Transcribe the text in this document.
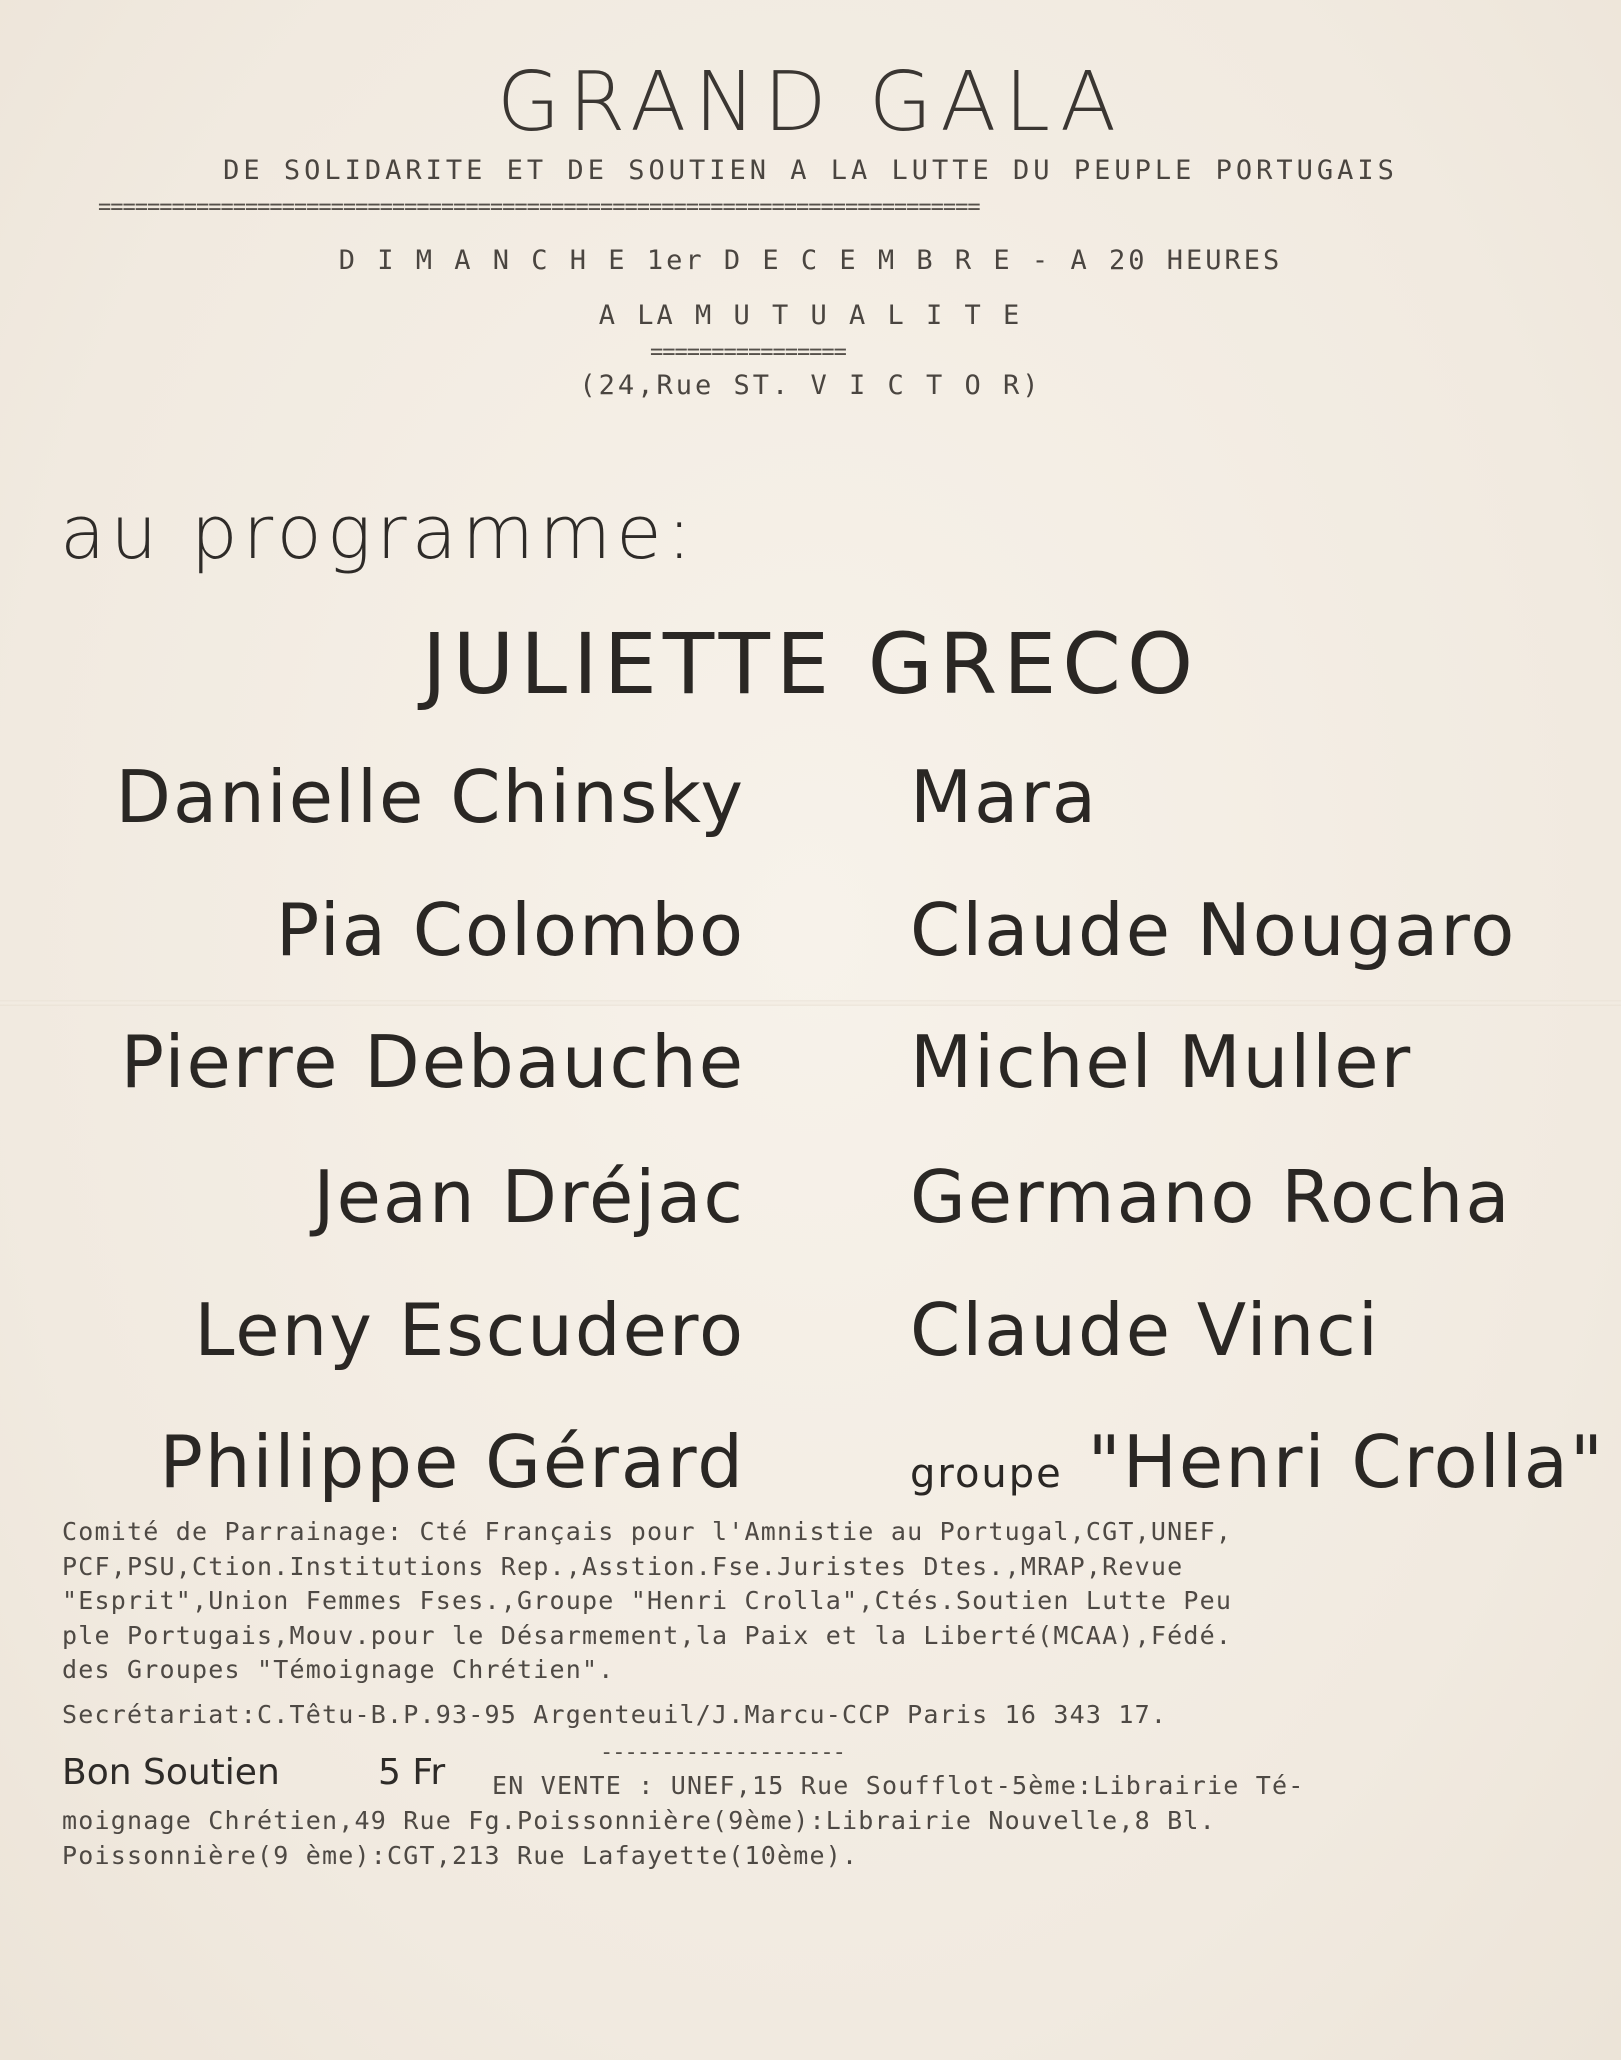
GRAND GALA
DE SOLIDARITE ET DE SOUTIEN A LA LUTTE DU PEUPLE PORTUGAIS
========================================================================
D I M A N C H E 1er D E C E M B R E - A 20 HEURES
A LA M U T U A L I T E
================
(24,Rue ST. V I C T O R)
au programme:
JULIETTE GRECO
Danielle Chinsky
Pia Colombo
Pierre Debauche
Jean Dréjac
Leny Escudero
Philippe Gérard
Mara
Claude Nougaro
Michel Muller
Germano Rocha
Claude Vinci
groupe "Henri Crolla"
Comité de Parrainage: Cté Français pour l'Amnistie au Portugal,CGT,UNEF,
PCF,PSU,Ction.Institutions Rep.,Asstion.Fse.Juristes Dtes.,MRAP,Revue
"Esprit",Union Femmes Fses.,Groupe "Henri Crolla",Ctés.Soutien Lutte Peu
ple Portugais,Mouv.pour le Désarmement,la Paix et la Liberté(MCAA),Fédé.
des Groupes "Témoignage Chrétien".
Secrétariat:C.Têtu-B.P.93-95 Argenteuil/J.Marcu-CCP Paris 16 343 17.
--------------------
Bon Soutien	5 Fr	EN VENTE : UNEF,15 Rue Soufflot-5ème:Librairie Té-
moignage Chrétien,49 Rue Fg.Poissonnière(9ème):Librairie Nouvelle,8 Bl.
Poissonnière(9 ème):CGT,213 Rue Lafayette(10ème).
